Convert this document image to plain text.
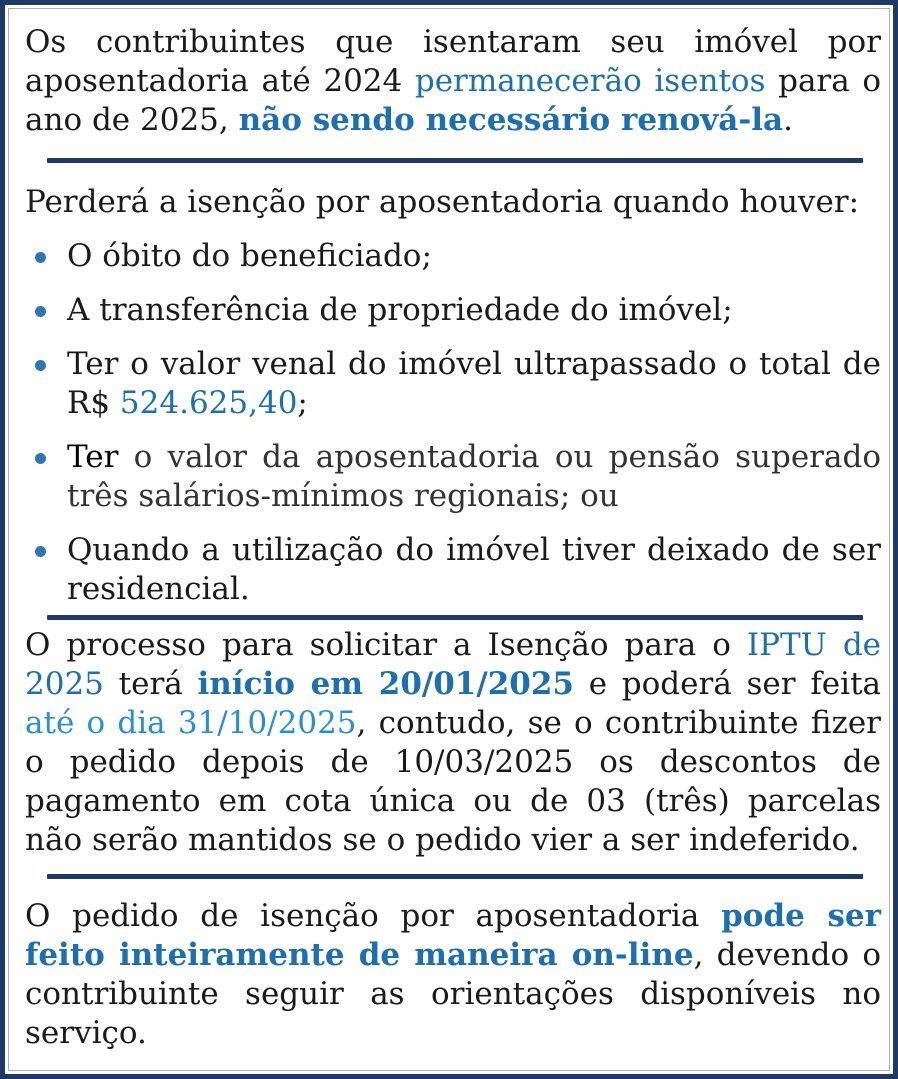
Os contribuintes que isentaram seu imóvel por aposentadoria até 2024 permanecerão isentos para o ano de 2025, não sendo necessário renová-la.
Perderá a isenção por aposentadoria quando houver:
O óbito do beneficiado;
A transferência de propriedade do imóvel;
Ter o valor venal do imóvel ultrapassado o total de R$ 524.625,40;
Ter o valor da aposentadoria ou pensão superado três salários-mínimos regionais; ou
Quando a utilização do imóvel tiver deixado de ser residencial.
O processo para solicitar a Isenção para o IPTU de 2025 terá início em 20/01/2025 e poderá ser feita até o dia 31/10/2025, contudo, se o contribuinte fizer o pedido depois de 10/03/2025 os descontos de pagamento em cota única ou de 03 (três) parcelas não serão mantidos se o pedido vier a ser indeferido.
O pedido de isenção por aposentadoria pode ser feito inteiramente de maneira on-line, devendo o contribuinte seguir as orientações disponíveis no serviço.
